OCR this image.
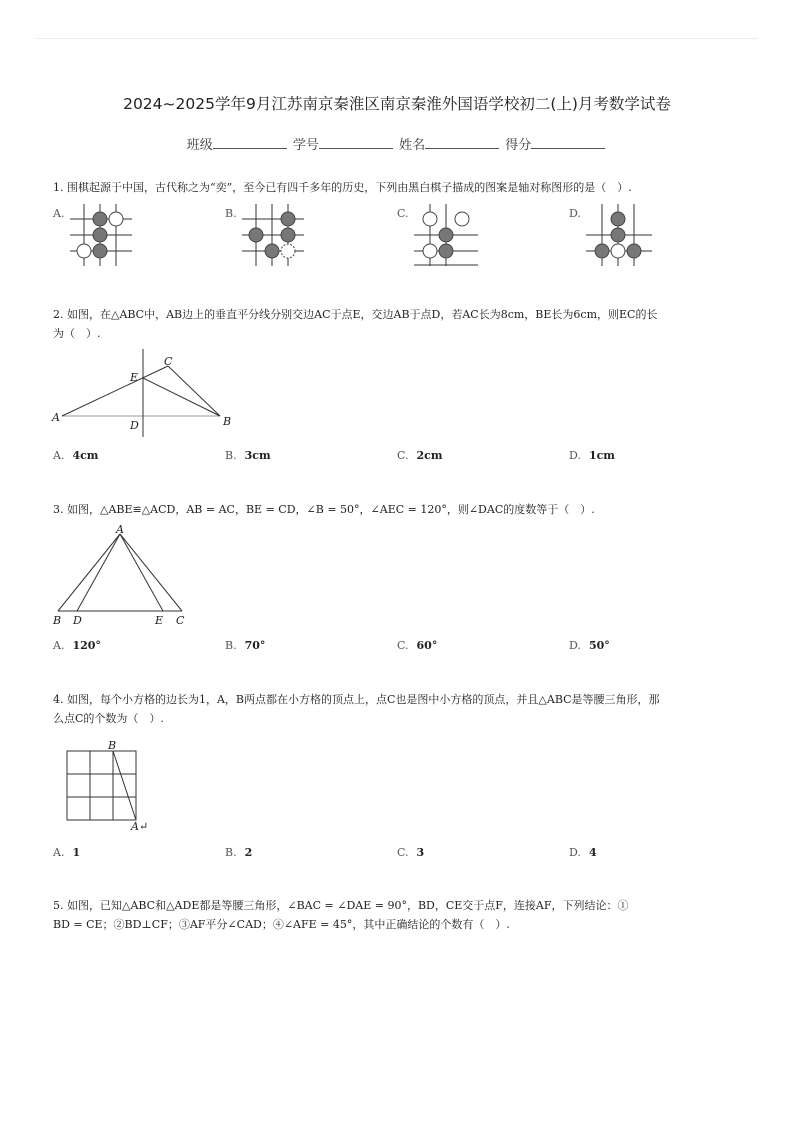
2024~2025学年9月江苏南京秦淮区南京秦淮外国语学校初二(上)月考数学试卷
班级	学号	姓名	得分
1. 围棋起源于中国，古代称之为“奕”，至今已有四千多年的历史，下列由黑白棋子描成的图案是轴对称图形的是（　）.
A.	B.	C.	D.
2. 如图，在△ABC中，AB边上的垂直平分线分别交边AC于点E，交边AB于点D，若AC长为8cm，BE长为6cm，则EC的长
为（　）.
A	B
C
D
E
A. 4cm	B. 3cm	C. 2cm	D. 1cm
3. 如图，△ABE≌△ACD，AB = AC，BE = CD，∠B = 50°，∠AEC = 120°，则∠DAC的度数等于（　）.
A
B D	E C
A. 120°	B. 70°	C. 60°	D. 50°
4. 如图，每个小方格的边长为1，A，B两点都在小方格的顶点上，点C也是图中小方格的顶点，并且△ABC是等腰三角形，那
么点C的个数为（　）.
B
A↵
A. 1	B. 2	C. 3	D. 4
5. 如图，已知△ABC和△ADE都是等腰三角形，∠BAC = ∠DAE = 90°，BD，CE交于点F，连接AF，下列结论：①
BD = CE；②BD⊥CF；③AF平分∠CAD；④∠AFE = 45°，其中正确结论的个数有（　）.
